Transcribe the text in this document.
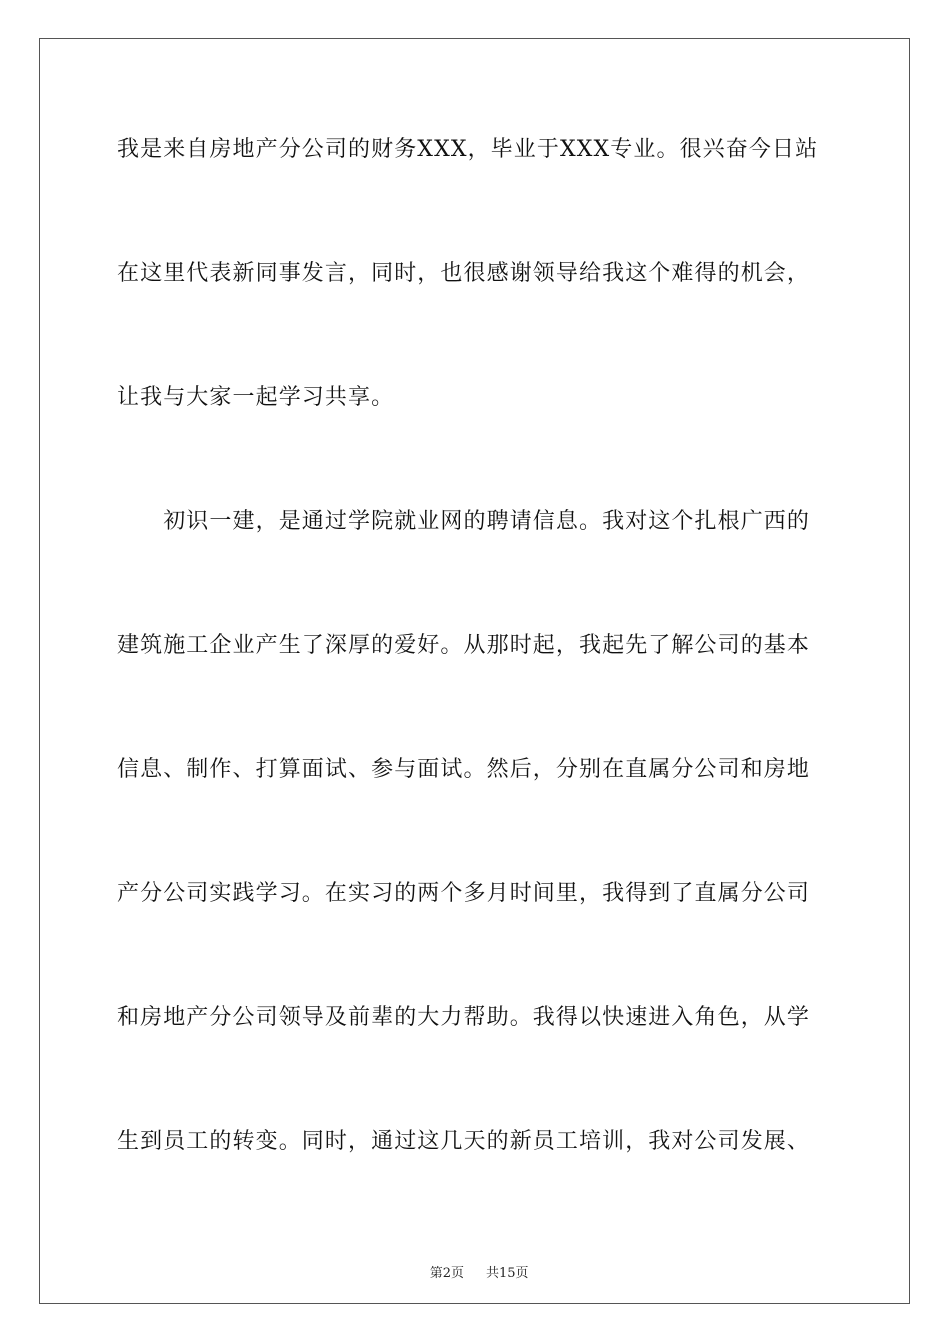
我是来自房地产分公司的财务XXX，毕业于XXX专业。很兴奋今日站
在这里代表新同事发言，同时，也很感谢领导给我这个难得的机会，
让我与大家一起学习共享。
　　初识一建，是通过学院就业网的聘请信息。我对这个扎根广西的
建筑施工企业产生了深厚的爱好。从那时起，我起先了解公司的基本
信息、制作、打算面试、参与面试。然后，分别在直属分公司和房地
产分公司实践学习。在实习的两个多月时间里，我得到了直属分公司
和房地产分公司领导及前辈的大力帮助。我得以快速进入角色，从学
生到员工的转变。同时，通过这几天的新员工培训，我对公司发展、

第2页 共15页
